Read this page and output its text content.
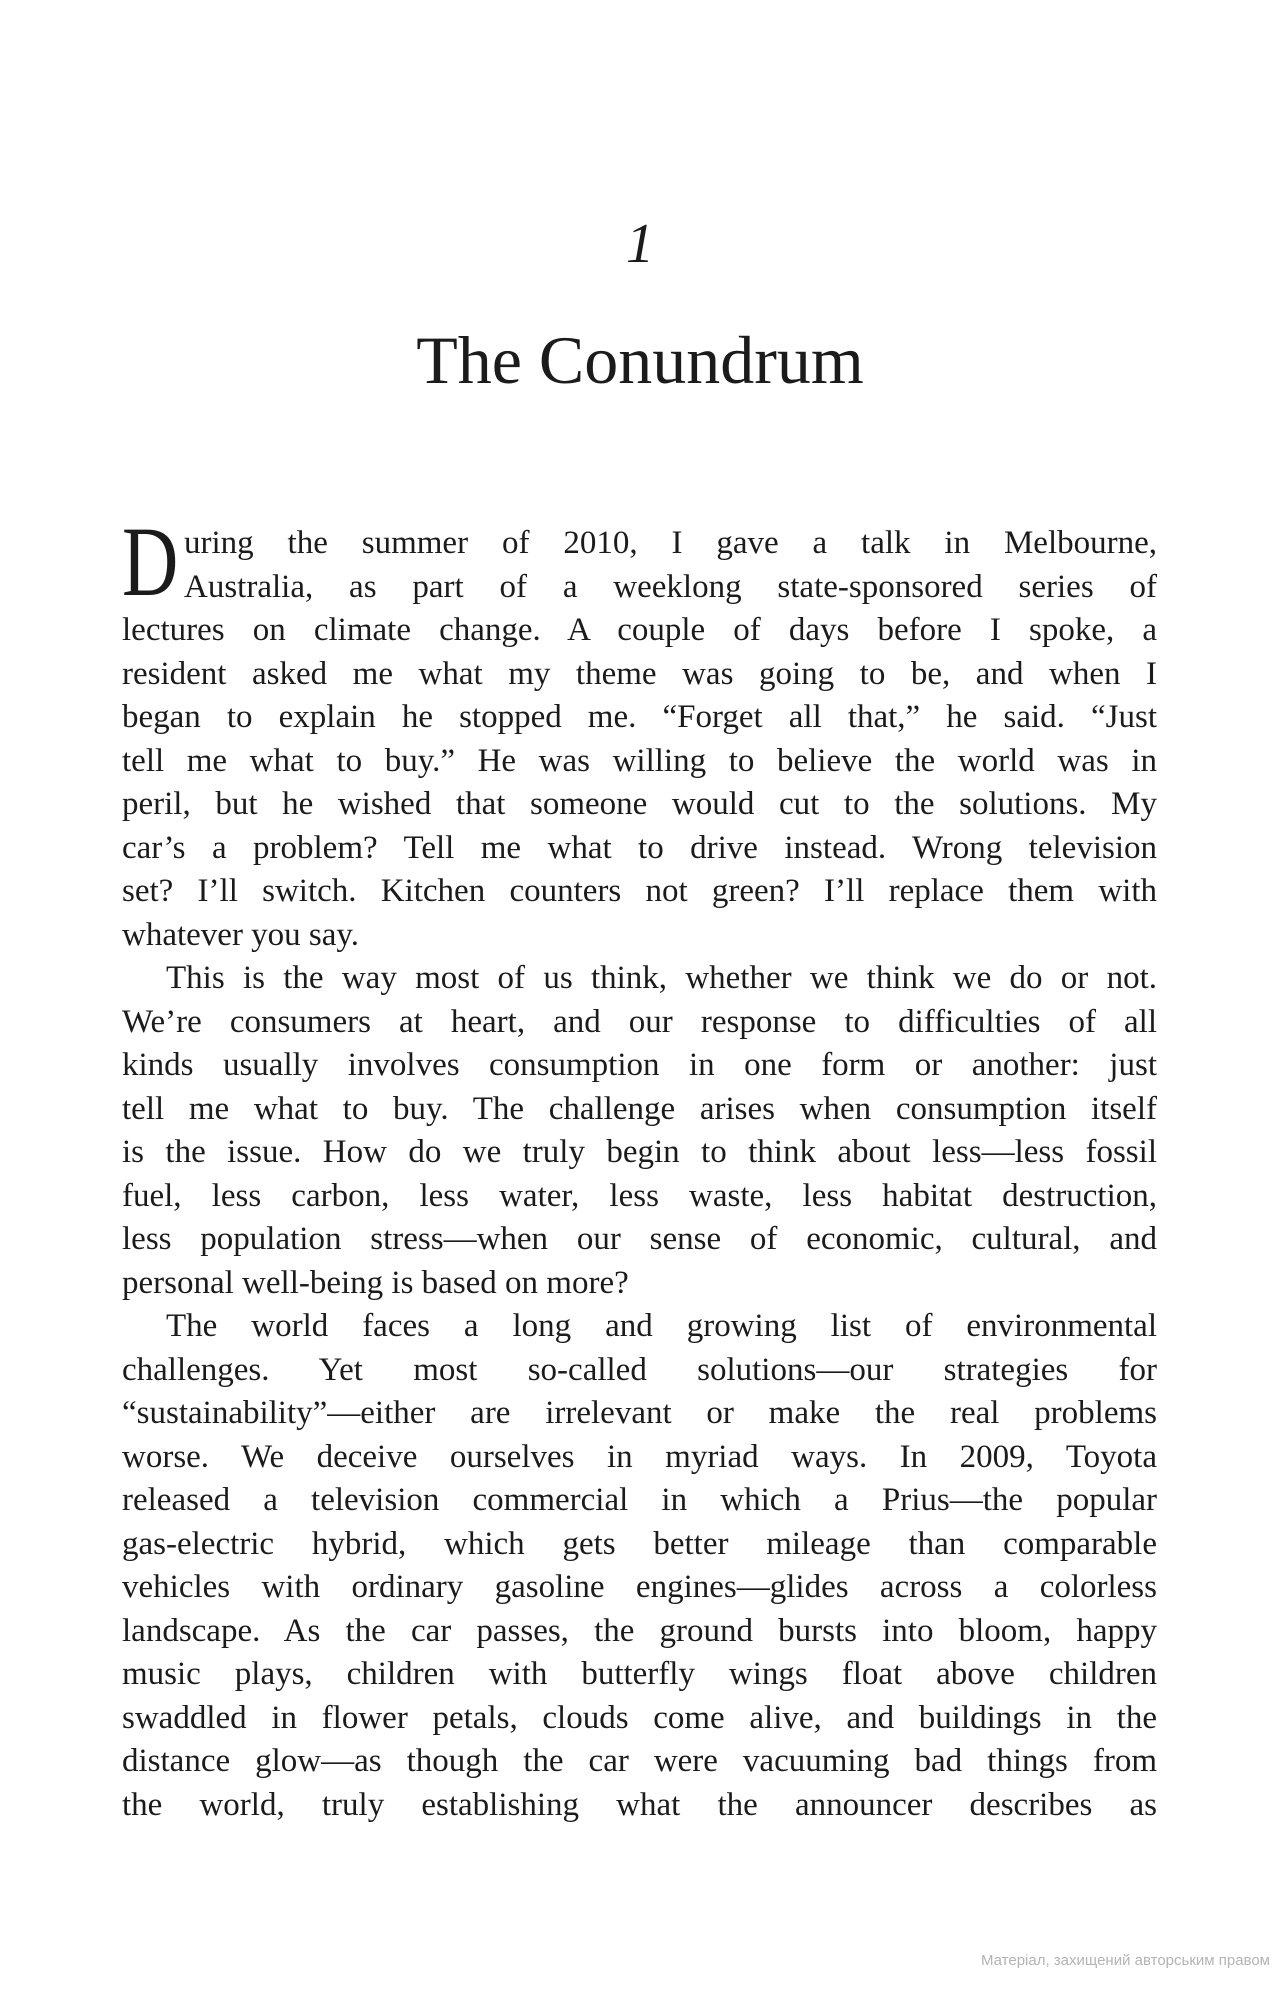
1
The Conundrum
D uring the summer of 2010, I gave a talk in Melbourne,
Australia, as part of a weeklong state-sponsored series of
lectures on climate change. A couple of days before I spoke, a
resident asked me what my theme was going to be, and when I
began to explain he stopped me. “Forget all that,” he said. “Just
tell me what to buy.” He was willing to believe the world was in
peril, but he wished that someone would cut to the solutions. My
car’s a problem? Tell me what to drive instead. Wrong television
set? I’ll switch. Kitchen counters not green? I’ll replace them with
whatever you say.
This is the way most of us think, whether we think we do or not.
We’re consumers at heart, and our response to difficulties of all
kinds usually involves consumption in one form or another: just
tell me what to buy. The challenge arises when consumption itself
is the issue. How do we truly begin to think about less—less fossil
fuel, less carbon, less water, less waste, less habitat destruction,
less population stress—when our sense of economic, cultural, and
personal well-being is based on more?
The world faces a long and growing list of environmental
challenges. Yet most so-called solutions—our strategies for
“sustainability”—either are irrelevant or make the real problems
worse. We deceive ourselves in myriad ways. In 2009, Toyota
released a television commercial in which a Prius—the popular
gas-electric hybrid, which gets better mileage than comparable
vehicles with ordinary gasoline engines—glides across a colorless
landscape. As the car passes, the ground bursts into bloom, happy
music plays, children with butterfly wings float above children
swaddled in flower petals, clouds come alive, and buildings in the
distance glow—as though the car were vacuuming bad things from
the world, truly establishing what the announcer describes as
Матеріал, захищений авторським правом
